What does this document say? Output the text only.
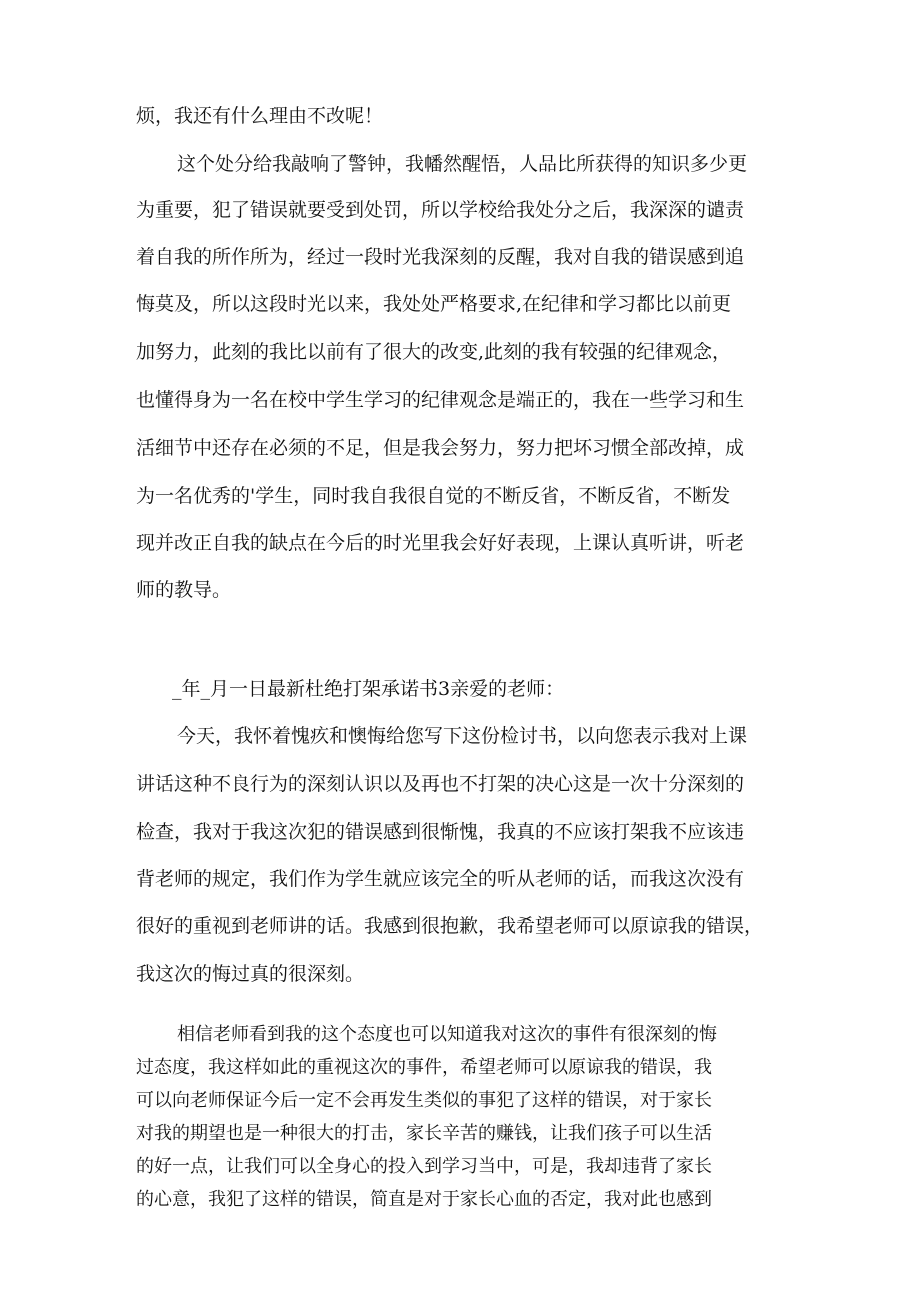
烦，我还有什么理由不改呢！
这个处分给我敲响了警钟，我幡然醒悟，人品比所获得的知识多少更
为重要，犯了错误就要受到处罚，所以学校给我处分之后，我深深的谴责
着自我的所作所为，经过一段时光我深刻的反醒，我对自我的错误感到追
悔莫及，所以这段时光以来，我处处严格要求,在纪律和学习都比以前更
加努力，此刻的我比以前有了很大的改变,此刻的我有较强的纪律观念，
也懂得身为一名在校中学生学习的纪律观念是端正的，我在一些学习和生
活细节中还存在必须的不足，但是我会努力，努力把坏习惯全部改掉，成
为一名优秀的'学生，同时我自我很自觉的不断反省，不断反省，不断发
现并改正自我的缺点在今后的时光里我会好好表现，上课认真听讲，听老
师的教导。
_年_月一日最新杜绝打架承诺书3亲爱的老师：
今天，我怀着愧疚和懊悔给您写下这份检讨书，以向您表示我对上课
讲话这种不良行为的深刻认识以及再也不打架的决心这是一次十分深刻的
检查，我对于我这次犯的错误感到很惭愧，我真的不应该打架我不应该违
背老师的规定，我们作为学生就应该完全的听从老师的话，而我这次没有
很好的重视到老师讲的话。我感到很抱歉，我希望老师可以原谅我的错误，
我这次的悔过真的很深刻。
相信老师看到我的这个态度也可以知道我对这次的事件有很深刻的悔
过态度，我这样如此的重视这次的事件，希望老师可以原谅我的错误，我
可以向老师保证今后一定不会再发生类似的事犯了这样的错误，对于家长
对我的期望也是一种很大的打击，家长辛苦的赚钱，让我们孩子可以生活
的好一点，让我们可以全身心的投入到学习当中，可是，我却违背了家长
的心意，我犯了这样的错误，简直是对于家长心血的否定，我对此也感到
